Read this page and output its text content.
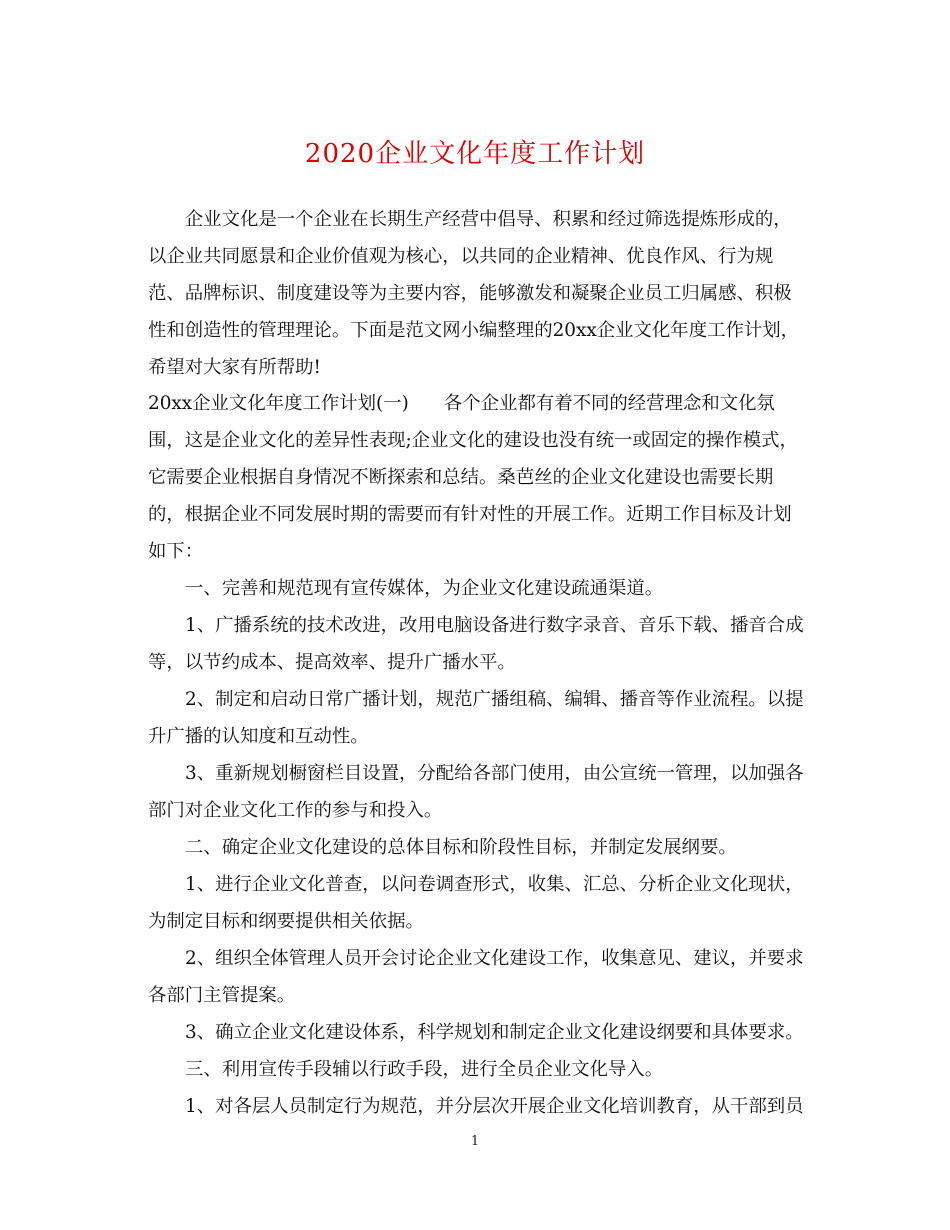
2020企业文化年度工作计划
　　企业文化是一个企业在长期生产经营中倡导、积累和经过筛选提炼形成的，
以企业共同愿景和企业价值观为核心，以共同的企业精神、优良作风、行为规
范、品牌标识、制度建设等为主要内容，能够激发和凝聚企业员工归属感、积极
性和创造性的管理理论。下面是范文网小编整理的20xx企业文化年度工作计划，
希望对大家有所帮助!
20xx企业文化年度工作计划(一) 各个企业都有着不同的经营理念和文化氛
围，这是企业文化的差异性表现;企业文化的建设也没有统一或固定的操作模式，
它需要企业根据自身情况不断探索和总结。桑芭丝的企业文化建设也需要长期
的，根据企业不同发展时期的需要而有针对性的开展工作。近期工作目标及计划
如下：
一、完善和规范现有宣传媒体，为企业文化建设疏通渠道。
1、广播系统的技术改进，改用电脑设备进行数字录音、音乐下载、播音合成
等，以节约成本、提高效率、提升广播水平。
2、制定和启动日常广播计划，规范广播组稿、编辑、播音等作业流程。以提
升广播的认知度和互动性。
3、重新规划橱窗栏目设置，分配给各部门使用，由公宣统一管理，以加强各
部门对企业文化工作的参与和投入。
二、确定企业文化建设的总体目标和阶段性目标，并制定发展纲要。
1、进行企业文化普查，以问卷调查形式，收集、汇总、分析企业文化现状，
为制定目标和纲要提供相关依据。
2、组织全体管理人员开会讨论企业文化建设工作，收集意见、建议，并要求
各部门主管提案。
3、确立企业文化建设体系，科学规划和制定企业文化建设纲要和具体要求。
三、利用宣传手段辅以行政手段，进行全员企业文化导入。
1、对各层人员制定行为规范，并分层次开展企业文化培训教育，从干部到员
1
